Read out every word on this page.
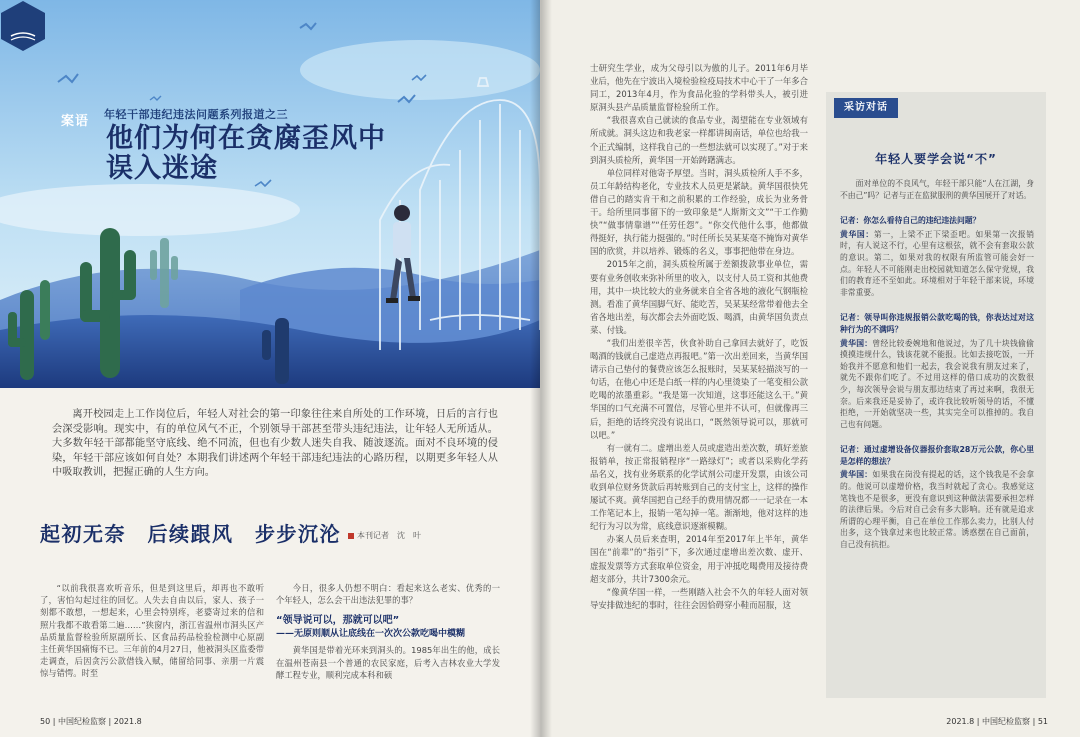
案语	年轻干部违纪违法问题系列报道之三
他们为何在贪腐歪风中
误入迷途

离开校园走上工作岗位后，年轻人对社会的第一印象往往来自所处的工作环境，日后的言行也会深受影响。现实中，有的单位风气不正，个别领导干部甚至带头违纪违法，让年轻人无所适从。大多数年轻干部都能坚守底线、绝不同流，但也有少数人迷失自我、随波逐流。面对不良环境的侵染，年轻干部应该如何自处？本期我们讲述两个年轻干部违纪违法的心路历程，以期更多年轻人从中吸取教训，把握正确的人生方向。

起初无奈　后续跟风　步步沉沦	本刊记者　沈　叶

“以前我很喜欢听音乐，但是到这里后，却再也不敢听了，害怕勾起过往的回忆。人失去自由以后，家人、孩子一刻都不敢想，一想起来，心里会特别疼，老婆寄过来的信和照片我都不敢看第二遍……”狭窗内，浙江省温州市洞头区产品质量监督检验所原副所长、区食品药品检验检测中心原副主任黄华国痛悔不已。三年前的4月27日，他被洞头区监委带走调查，后因贪污公款借钱入赋，储留给同事、亲朋一片震惊与错愕。时至

今日，很多人仍想不明白：看起来这么老实、优秀的一个年轻人，怎么会干出违法犯罪的事？

“领导说可以，那就可以吧”
——无原则顺从让底线在一次次公款吃喝中模糊

黄华国是带着光环来到洞头的。1985年出生的他，成长在温州苍南县一个普通的农民家庭，后考入吉林农业大学发酵工程专业，顺利完成本科和硕

50 | 中国纪检监察 | 2021.8

士研究生学业，成为父母引以为傲的儿子。2011年6月毕业后，他先在宁波出入境检验检疫局技术中心干了一年多合同工，2013年4月，作为食品化验的学科带头人，被引进原洞头县产品质量监督检验所工作。

“我很喜欢自己就读的食品专业，渴望能在专业领域有所成就。洞头这边和我老家一样都讲闽南话，单位也给我一个正式编制，这样我自己的一些想法就可以实现了。”对于来到洞头质检所，黄华国一开始踌躇满志。

单位同样对他寄予厚望。当时，洞头质检所人手不多，员工年龄结构老化，专业技术人员更是紧缺。黄华国很快凭借自己的踏实肯干和之前积累的工作经验，成长为业务骨干。给所里同事留下的一致印象是“人斯斯文文”“干工作勤快”“做事情靠谱”“任劳任怨”。“你交代他什么事，他都做得挺好，执行能力挺强的。”时任所长吴某某毫不掩饰对黄华国的欣赏，并以培养、锻炼的名义，事事把他带在身边。

2015年之前，洞头质检所属于差额拨款事业单位，需要有业务创收来弥补所里的收入，以支付人员工资和其他费用，其中一块比较大的业务就来自全省各地的液化气钢瓶检测。看准了黄华国脚气好、能吃苦，吴某某经常带着他去全省各地出差，每次都会去外面吃饭、喝酒，由黄华国负责点菜、付钱。

“我们出差很辛苦，伙食补助自己拿回去就好了，吃饭喝酒的钱就自己虚造点再报吧。”第一次出差回来，当黄华国请示自己垫付的餐费应该怎么报账时，吴某某轻描淡写的一句话，在他心中还是白纸一样的内心里烫染了一笔变相公款吃喝的浓墨重彩。“我是第一次知道，这事还能这么干。”黄华国的口气充满不可置信，尽管心里并不认可，但就像再三后，拒绝的话终究没有说出口，“既然领导说可以，那就可以吧。”

有一就有二。虚增出差人员或虚造出差次数，填好差旅报销单，按正常报销程序“一路绿灯”；或者以采购化学药品名义，找有业务联系的化学试剂公司虚开发票，由该公司收到单位财务货款后再转账到自己的支付宝上，这样的操作屡试不爽。黄华国把自己经手的费用情况都一一记录在一本工作笔记本上，报销一笔勾掉一笔。渐渐地，他对这样的违纪行为习以为常，底线意识逐渐模糊。

办案人员后来查明，2014年至2017年上半年，黄华国在“前辈”的“指引”下，多次通过虚增出差次数、虚开、虚报发票等方式套取单位资金，用于冲抵吃喝费用及接待费超支部分，共计7300余元。

“像黄华国一样，一些刚踏入社会不久的年轻人面对领导安排做违纪的事时，往往会因恰碍穿小鞋而屈服，这

采访对话
年轻人要学会说“不”

面对单位的不良风气，年轻干部只能“人在江湖，身不由己”吗？记者与正在监狱服刑的黄华国展开了对话。

记者：你怎么看待自己的违纪违法问题？
黄华国：第一，上梁不正下梁歪吧。如果第一次报销时，有人说这不行，心里有这根弦，就不会有套取公款的意识。第二，如果对我的权限有所监管可能会好一点。年轻人不可能刚走出校园就知道怎么保守党规，我们的教育还不至如此。环境相对于年轻干部来说，环境非常重要。
记者：领导叫你违规报销公款吃喝的钱，你表达过对这种行为的不满吗？
黄华国：曾经比较委婉地和他说过，为了几十块钱偷偷摸摸违规什么，钱该花就不能报。比如去接吃饭，一开始我并不愿意和他们一起去，我会说我有朋友过来了，就先不跟你们吃了。不过用这样的借口成功的次数很少，每次领导会说与朋友那边结束了再过来啊，我很无奈。后来我还是妥协了，或许我比较听领导的话，不懂拒绝，一开始就坚决一些，其实完全可以推掉的。我自己也有问题。
记者：通过虚增设备仪器报价套取28万元公款，你心里是怎样的想法？
黄华国：如果我在岗没有提起的话，这个钱我是不会拿的。他说可以虚增价格，我当时就起了贪心。我感觉这笔钱也不是很多，更没有意识到这种做法需要承担怎样的法律后果。今后对自己会有多大影响。还有就是追求所谓的心理平衡，自己在单位工作那么卖力，比别人付出多，这个钱拿过来也比较正常。诱惑摆在自己面前，自己没有抗拒。
2021.8 | 中国纪检监察 | 51
